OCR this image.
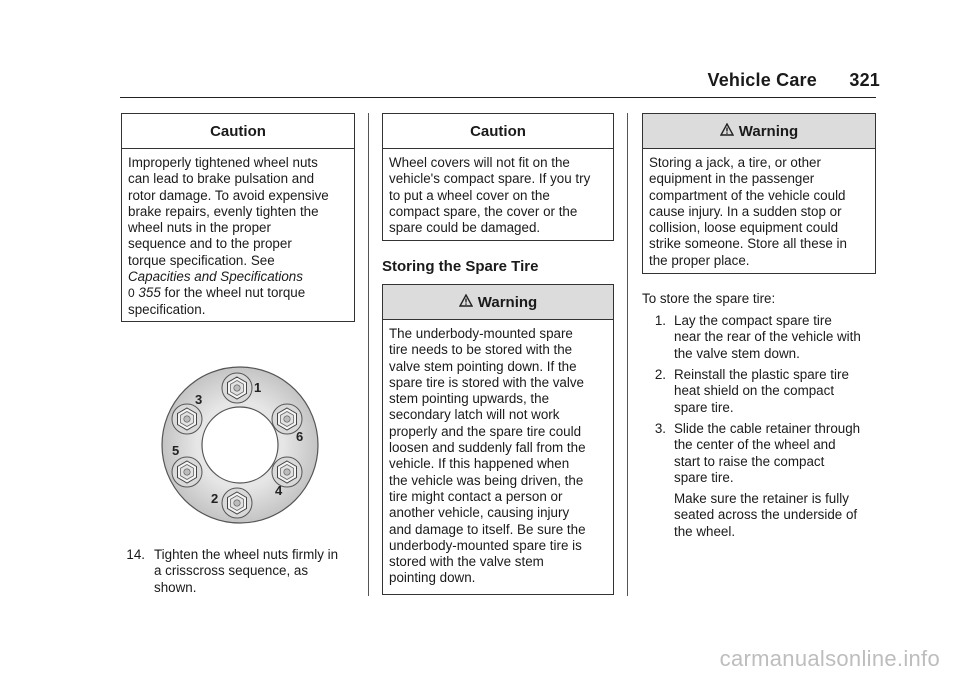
Vehicle Care 321
Caution
Improperly tightened wheel nuts
can lead to brake pulsation and
rotor damage. To avoid expensive
brake repairs, evenly tighten the
wheel nuts in the proper
sequence and to the proper
torque specification. See
Capacities and Specifications
0 355 for the wheel nut torque
specification.
1
2
3
4
5
6
14. Tighten the wheel nuts firmly in
a crisscross sequence, as
shown.
Caution
Wheel covers will not fit on the
vehicle's compact spare. If you try
to put a wheel cover on the
compact spare, the cover or the
spare could be damaged.
Storing the Spare Tire
Warning
The underbody-mounted spare
tire needs to be stored with the
valve stem pointing down. If the
spare tire is stored with the valve
stem pointing upwards, the
secondary latch will not work
properly and the spare tire could
loosen and suddenly fall from the
vehicle. If this happened when
the vehicle was being driven, the
tire might contact a person or
another vehicle, causing injury
and damage to itself. Be sure the
underbody-mounted spare tire is
stored with the valve stem
pointing down.
Warning
Storing a jack, a tire, or other
equipment in the passenger
compartment of the vehicle could
cause injury. In a sudden stop or
collision, loose equipment could
strike someone. Store all these in
the proper place.
To store the spare tire:
1. Lay the compact spare tire
near the rear of the vehicle with
the valve stem down.
2. Reinstall the plastic spare tire
heat shield on the compact
spare tire.
3. Slide the cable retainer through
the center of the wheel and
start to raise the compact
spare tire.
Make sure the retainer is fully
seated across the underside of
the wheel.
carmanualsonline.info
